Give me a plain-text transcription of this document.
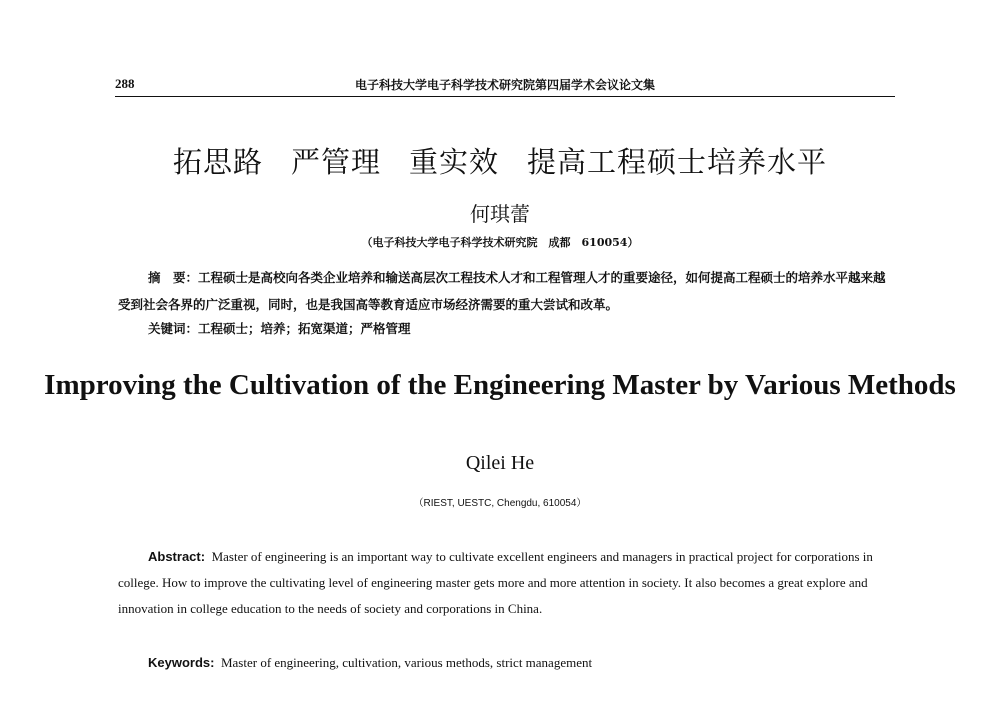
288	电子科技大学电子科学技术研究院第四届学术会议论文集
拓思路 严管理 重实效 提高工程硕士培养水平
何琪蕾
（电子科技大学电子科学技术研究院　成都　610054）
摘　要：工程硕士是高校向各类企业培养和输送高层次工程技术人才和工程管理人才的重要途径，如何提高工程硕士的培养水平越来越受到社会各界的广泛重视，同时，也是我国高等教育适应市场经济需要的重大尝试和改革。
关键词：工程硕士；培养；拓宽渠道；严格管理
Improving the Cultivation of the Engineering Master by Various Methods
Qilei He
（RIEST, UESTC, Chengdu, 610054）
Abstract: Master of engineering is an important way to cultivate excellent engineers and managers in practical project for corporations in college. How to improve the cultivating level of engineering master gets more and more attention in society. It also becomes a great explore and innovation in college education to the needs of society and corporations in China.
Keywords: Master of engineering, cultivation, various methods, strict management
